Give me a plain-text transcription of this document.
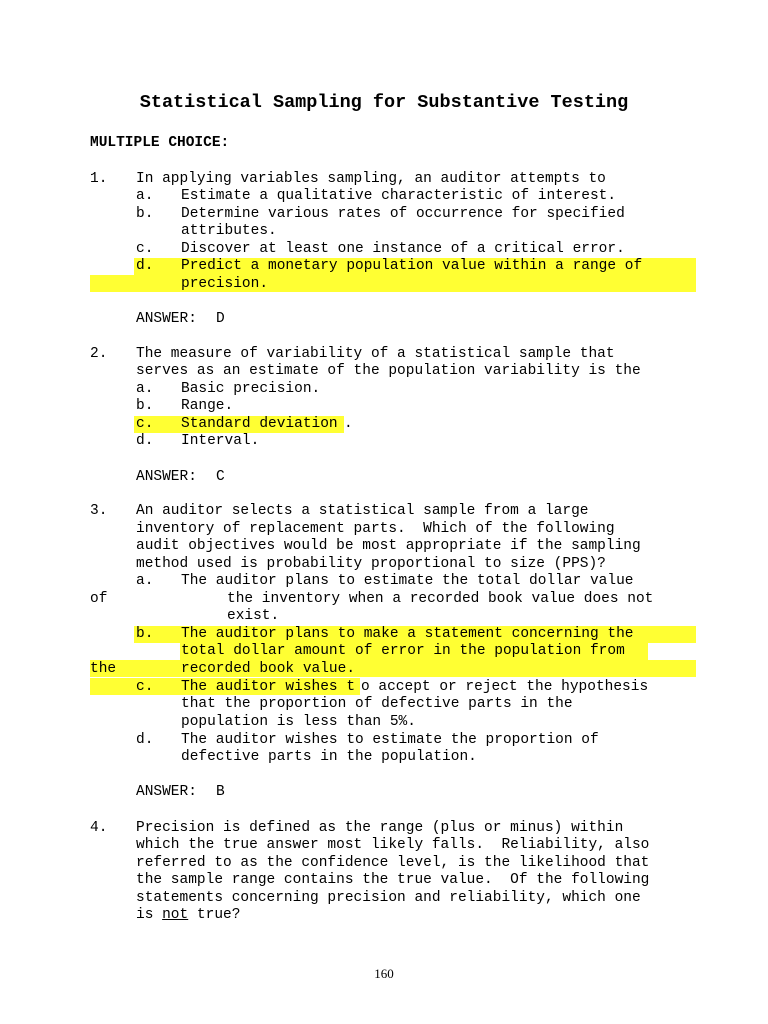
Statistical Sampling for Substantive Testing
MULTIPLE CHOICE:
1. In applying variables sampling, an auditor attempts to
a. Estimate a qualitative characteristic of interest.
b. Determine various rates of occurrence for specified
attributes.
c. Discover at least one instance of a critical error.
d. Predict a monetary population value within a range of
precision.
ANSWER: D
2. The measure of variability of a statistical sample that
serves as an estimate of the population variability is the
a. Basic precision.
b. Range.
c. Standard deviation .
d. Interval.
ANSWER: C
3. An auditor selects a statistical sample from a large
inventory of replacement parts.  Which of the following
audit objectives would be most appropriate if the sampling
method used is probability proportional to size (PPS)?
a. The auditor plans to estimate the total dollar value
of	the inventory when a recorded book value does not
exist.
b. The auditor plans to make a statement concerning the
total dollar amount of error in the population from
the	recorded book value.
c. The auditor wishes t o accept or reject the hypothesis
that the proportion of defective parts in the
population is less than 5%.
d. The auditor wishes to estimate the proportion of
defective parts in the population.
ANSWER: B
4. Precision is defined as the range (plus or minus) within
which the true answer most likely falls.  Reliability, also
referred to as the confidence level, is the likelihood that
the sample range contains the true value.  Of the following
statements concerning precision and reliability, which one
is not true?
160
